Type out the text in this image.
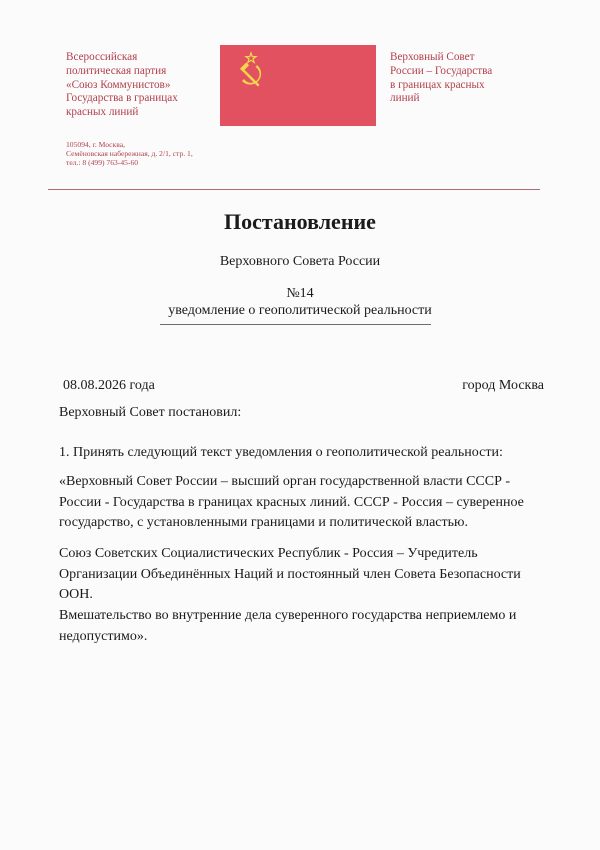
Всероссийская
политическая партия
«Союз Коммунистов»
Государства в границах
красных линий
105094, г. Москва,
Семёновская набережная, д. 2/1, стр. 1,
тел.: 8 (499) 763-45-60
Верховный Совет
России – Государства
в границах красных
линий
Постановление
Верховного Совета России
№14
уведомление о геополитической реальности
08.08.2026 года	город Москва
Верховный Совет постановил:
1. Принять следующий текст уведомления о геополитической реальности:
«Верховный Совет России – высший орган государственной власти СССР -
России - Государства в границах красных линий. СССР - Россия – суверенное
государство, с установленными границами и политической властью.
Союз Советских Социалистических Республик - Россия – Учредитель
Организации Объединённых Наций и постоянный член Совета Безопасности
ООН.
Вмешательство во внутренние дела суверенного государства неприемлемо и
недопустимо».
